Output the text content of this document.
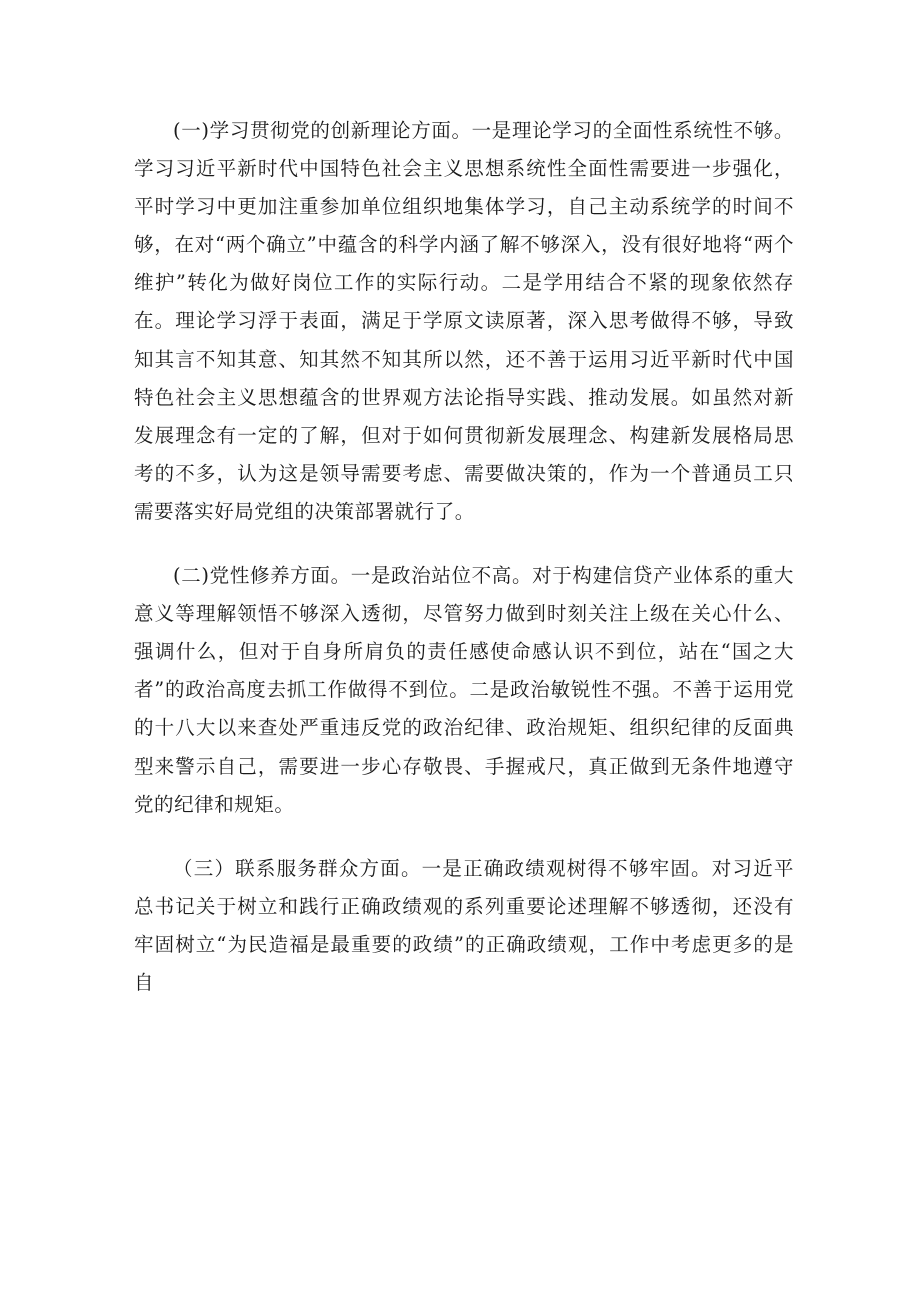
(一)学习贯彻党的创新理论方面。一是理论学习的全面性系统性不够。学习习近平新时代中国特色社会主义思想系统性全面性需要进一步强化，平时学习中更加注重参加单位组织地集体学习，自己主动系统学的时间不够，在对“两个确立”中蕴含的科学内涵了解不够深入，没有很好地将“两个维护”转化为做好岗位工作的实际行动。二是学用结合不紧的现象依然存在。理论学习浮于表面，满足于学原文读原著，深入思考做得不够，导致知其言不知其意、知其然不知其所以然，还不善于运用习近平新时代中国特色社会主义思想蕴含的世界观方法论指导实践、推动发展。如虽然对新发展理念有一定的了解，但对于如何贯彻新发展理念、构建新发展格局思考的不多，认为这是领导需要考虑、需要做决策的，作为一个普通员工只需要落实好局党组的决策部署就行了。

(二)党性修养方面。一是政治站位不高。对于构建信贷产业体系的重大意义等理解领悟不够深入透彻，尽管努力做到时刻关注上级在关心什么、强调什么，但对于自身所肩负的责任感使命感认识不到位，站在“国之大者”的政治高度去抓工作做得不到位。二是政治敏锐性不强。不善于运用党的十八大以来查处严重违反党的政治纪律、政治规矩、组织纪律的反面典型来警示自己，需要进一步心存敬畏、手握戒尺，真正做到无条件地遵守党的纪律和规矩。

（三）联系服务群众方面。一是正确政绩观树得不够牢固。对习近平总书记关于树立和践行正确政绩观的系列重要论述理解不够透彻，还没有牢固树立“为民造福是最重要的政绩”的正确政绩观，工作中考虑更多的是自
